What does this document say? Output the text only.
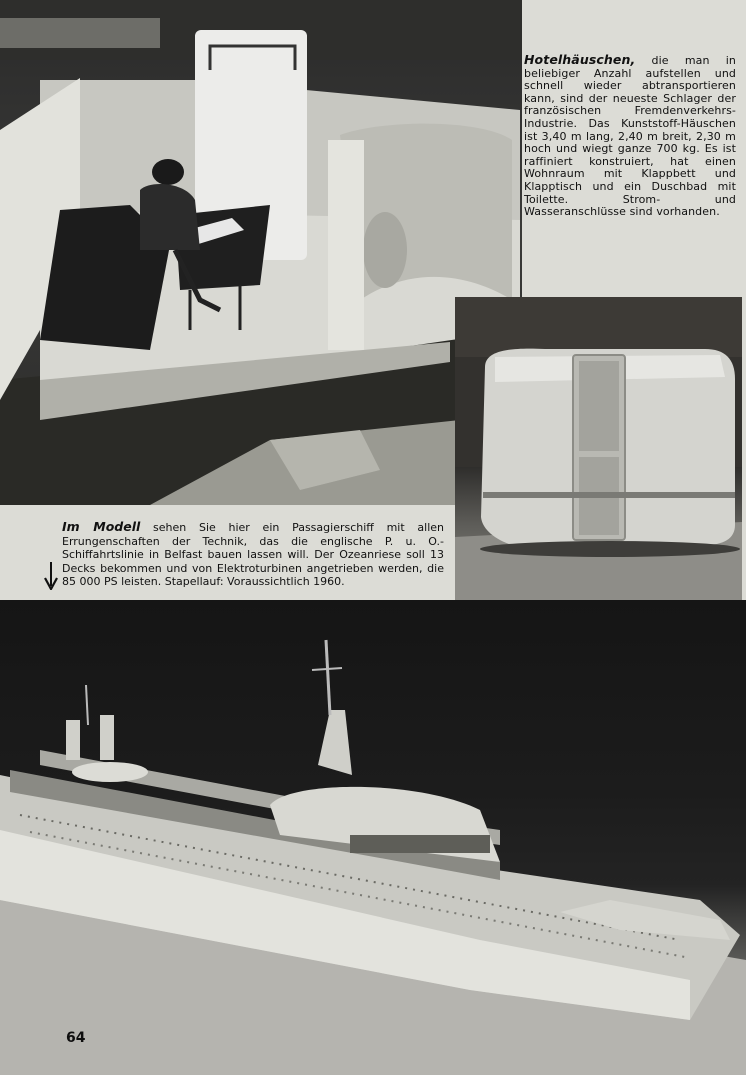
Hotelhäuschen, die man in beliebiger Anzahl aufstellen und schnell wieder abtransportieren kann, sind der neueste Schlager der französischen Fremdenverkehrs-Industrie. Das Kunststoff-Häuschen ist 3,40 m lang, 2,40 m breit, 2,30 m hoch und wiegt ganze 700 kg. Es ist raffiniert konstruiert, hat einen Wohnraum mit Klappbett und Klapptisch und ein Duschbad mit Toilette. Strom- und Wasseranschlüsse sind vorhanden.
Im Modell sehen Sie hier ein Passagierschiff mit allen Errungenschaften der Technik, das die englische P. u. O.-Schiffahrtslinie in Belfast bauen lassen will. Der Ozeanriese soll 13 Decks bekommen und von Elektroturbinen angetrieben werden, die 85 000 PS leisten. Stapellauf: Voraussichtlich 1960.
64
